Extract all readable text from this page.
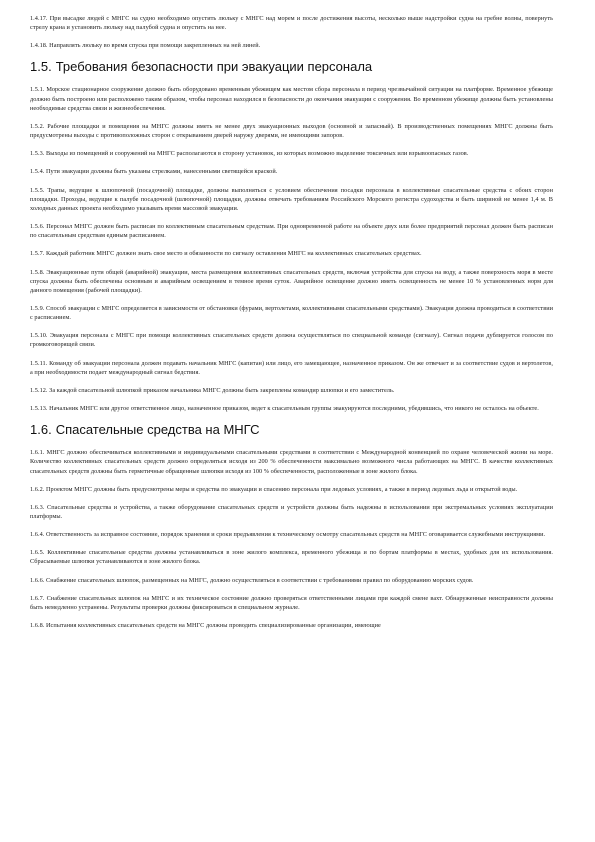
1.4.17. При высадке людей с МНГС на судно необходимо опустить люльку с МНГС над морем и после достижения высоты, несколько выше надстройки судна на гребне волны, повернуть стрелу крана и установить люльку над палубой судна и опустить на нее.

1.4.18. Направлять люльку во время спуска при помощи закрепленных на ней линей.

1.5. Требования безопасности при эвакуации персонала

1.5.1. Морское стационарное сооружение должно быть оборудовано временным убежищем как местом сбора персонала в период чрезвычайной ситуации на платформе. Временное убежище должно быть построено или расположено таким образом, чтобы персонал находился в безопасности до окончания эвакуации с сооружения. Во временном убежище должны быть установлены необходимые средства связи и жизнеобеспечения.

1.5.2. Рабочие площадки и помещения на МНГС должны иметь не менее двух эвакуационных выходов (основной и запасный). В производственных помещениях МНГС должны быть предусмотрены выходы с противоположных сторон с открыванием дверей наружу дверями, не имеющими запоров.

1.5.3. Выходы из помещений и сооружений на МНГС располагаются в сторону установок, из которых возможно выделение токсичных или взрывоопасных газов.

1.5.4. Пути эвакуации должны быть указаны стрелками, нанесенными светящейся краской.

1.5.5. Трапы, ведущие к шлюпочной (посадочной) площадке, должны выполняться с условием обеспечения посадки персонала в коллективные спасательные средства с обоих сторон площадки. Проходы, ведущие к палубе посадочной (шлюпочной) площадки, должны отвечать требованиям Российского Морского регистра судоходства и быть шириной не менее 1,4 м. В холодных данных проекта необходимо указывать время массовой эвакуации.

1.5.6. Персонал МНГС должен быть расписан по коллективным спасательным средствам. При одновременной работе на объекте двух или более предприятий персонал должен быть расписан по спасательным средствам единым расписанием.

1.5.7. Каждый работник МНГС должен знать свое место и обязанности по сигналу оставления МНГС на коллективных спасательных средствах.

1.5.8. Эвакуационные пути общей (аварийной) эвакуации, места размещения коллективных спасательных средств, включая устройства для спуска на воду, а также поверхность моря в месте спуска должны быть обеспечены основным и аварийным освещением в темное время суток. Аварийное освещение должно иметь освещенность не менее 10 % установленных норм для данного помещения (рабочей площадки).

1.5.9. Способ эвакуации с МНГС определяется в зависимости от обстановки (фурами, вертолетами, коллективными спасательными средствами). Эвакуация должна проводиться в соответствии с расписанием.

1.5.10. Эвакуация персонала с МНГС при помощи коллективных спасательных средств должна осуществляться по специальной команде (сигналу). Сигнал подачи дублируется голосом по громкоговорящей связи.

1.5.11. Команду об эвакуации персонала должен подавать начальник МНГС (капитан) или лицо, его замещающее, назначенное приказом. Он же отвечает и за соответствие судов и вертолетов, а при необходимости подает международный сигнал бедствия.

1.5.12. За каждой спасательной шлюпкой приказом начальника МНГС должны быть закреплены командир шлюпки и его заместитель.

1.5.13. Начальник МНГС или другое ответственное лицо, назначенное приказом, ведет к спасательным группы эвакуируются последними, убедившись, что никого не осталось на объекте.

1.6. Спасательные средства на МНГС

1.6.1. МНГС должно обеспечиваться коллективными и индивидуальными спасательными средствами в соответствии с Международной конвенцией по охране человеческой жизни на море. Количество коллективных спасательных средств должно определяться исходя из 200 % обеспеченности максимально возможного числа работающих на МНГС. В качестве коллективных спасательных средств должны быть герметичные обращенные шлюпки исходя из 100 % обеспеченности, расположенные в зоне жилого блока.

1.6.2. Проектом МНГС должны быть предусмотрены меры и средства по эвакуации и спасению персонала при ледовых условиях, а также в период ледовых льда и открытой воды.

1.6.3. Спасательные средства и устройства, а также оборудование спасательных средств и устройств должны быть надежны в использовании при экстремальных условиях эксплуатации платформы.

1.6.4. Ответственность за исправное состояние, порядок хранения и сроки предъявления к техническому осмотру спасательных средств на МНГС оговаривается служебными инструкциями.

1.6.5. Коллективные спасательные средства должны устанавливаться в зоне жилого комплекса, временного убежища и по бортам платформы в местах, удобных для их использования. Сбрасываемые шлюпки устанавливаются в зоне жилого блока.

1.6.6. Снабжение спасательных шлюпок, размещенных на МНГС, должно осуществляться в соответствии с требованиями правил по оборудованию морских судов.

1.6.7. Снабжение спасательных шлюпок на МНГС и их техническое состояние должно проверяться ответственными лицами при каждой смене вахт. Обнаруженные неисправности должны быть немедленно устранены. Результаты проверки должны фиксироваться в специальном журнале.

1.6.8. Испытания коллективных спасательных средств на МНГС должны проводить специализированные организации, имеющие
